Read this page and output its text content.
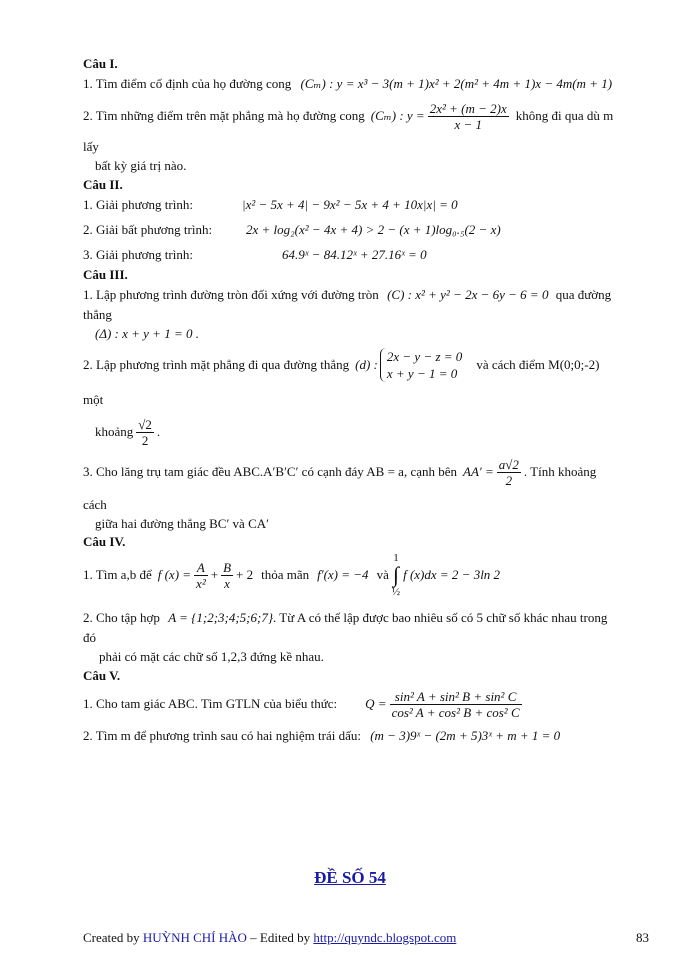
Câu I.
1. Tìm điểm cố định của họ đường cong (Cₘ) : y = x³ − 3(m + 1)x² + 2(m² + 4m + 1)x − 4m(m + 1)
2. Tìm những điểm trên mặt phẳng mà họ đường cong (Cₘ) : $y = \frac{\text{2x² + (m − 2)x}}{x - 1}$ không đi qua dù m
lấy
bất kỳ giá trị nào.
Câu II.
1. Giải phương trình:	|x² − 5x + 4| − 9x² − 5x + 4 + 10x|x| = 0
2. Giải bất phương trình:	2x + log₂(x² − 4x + 4) > 2 − (x + 1)log₀.₅(2 − x)
3. Giải phương trình:	64.9ˣ − 84.12ˣ + 27.16ˣ = 0
Câu III.
1. Lập phương trình đường tròn đối xứng với đường tròn (C) : x² + y² − 2x − 6y − 6 = 0 qua đường
thẳng
(Δ) : x + y + 1 = 0 .
2. Lập phương trình mặt phẳng đi qua đường thẳng (d) :
2x − y − z = 0
x + y − 1 = 0
và cách điểm M(0;0;-2)
một
khoảng $\frac{√2}{2}$ .
3. Cho lăng trụ tam giác đều ABC.A′B′C′ có cạnh đáy AB = a, cạnh bên $AA' = \frac{a√2}{2}$ . Tính khoảng
cách
giữa hai đường thẳng BC′ và CA′
Câu IV.
1. Tìm a,b để f $(x) = \frac{A}{\text{x²}} + \frac{B}{x} + 2$ thỏa mãn f′(x) = −4 và
1
∫
½
f (x)dx = 2 − 3ln 2
2. Cho tập hợp A = {1;2;3;4;5;6;7}. Từ A có thể lập được bao nhiêu số có 5 chữ số khác nhau trong
đó
phải có mặt các chữ số 1,2,3 đứng kề nhau.
Câu V.
1. Cho tam giác ABC. Tìm GTLN của biểu thức: $Q = \frac{\text{sin² A + sin² B + sin² C}}{\text{cos² A + cos² B + cos² C}}$
2. Tìm m để phương trình sau có hai nghiệm trái dấu: (m − 3)9ˣ − (2m + 5)3ˣ + m + 1 = 0
ĐỀ SỐ 54
Created by HUỲNH CHÍ HÀO – Edited by http://quyndc.blogspot.com	83
